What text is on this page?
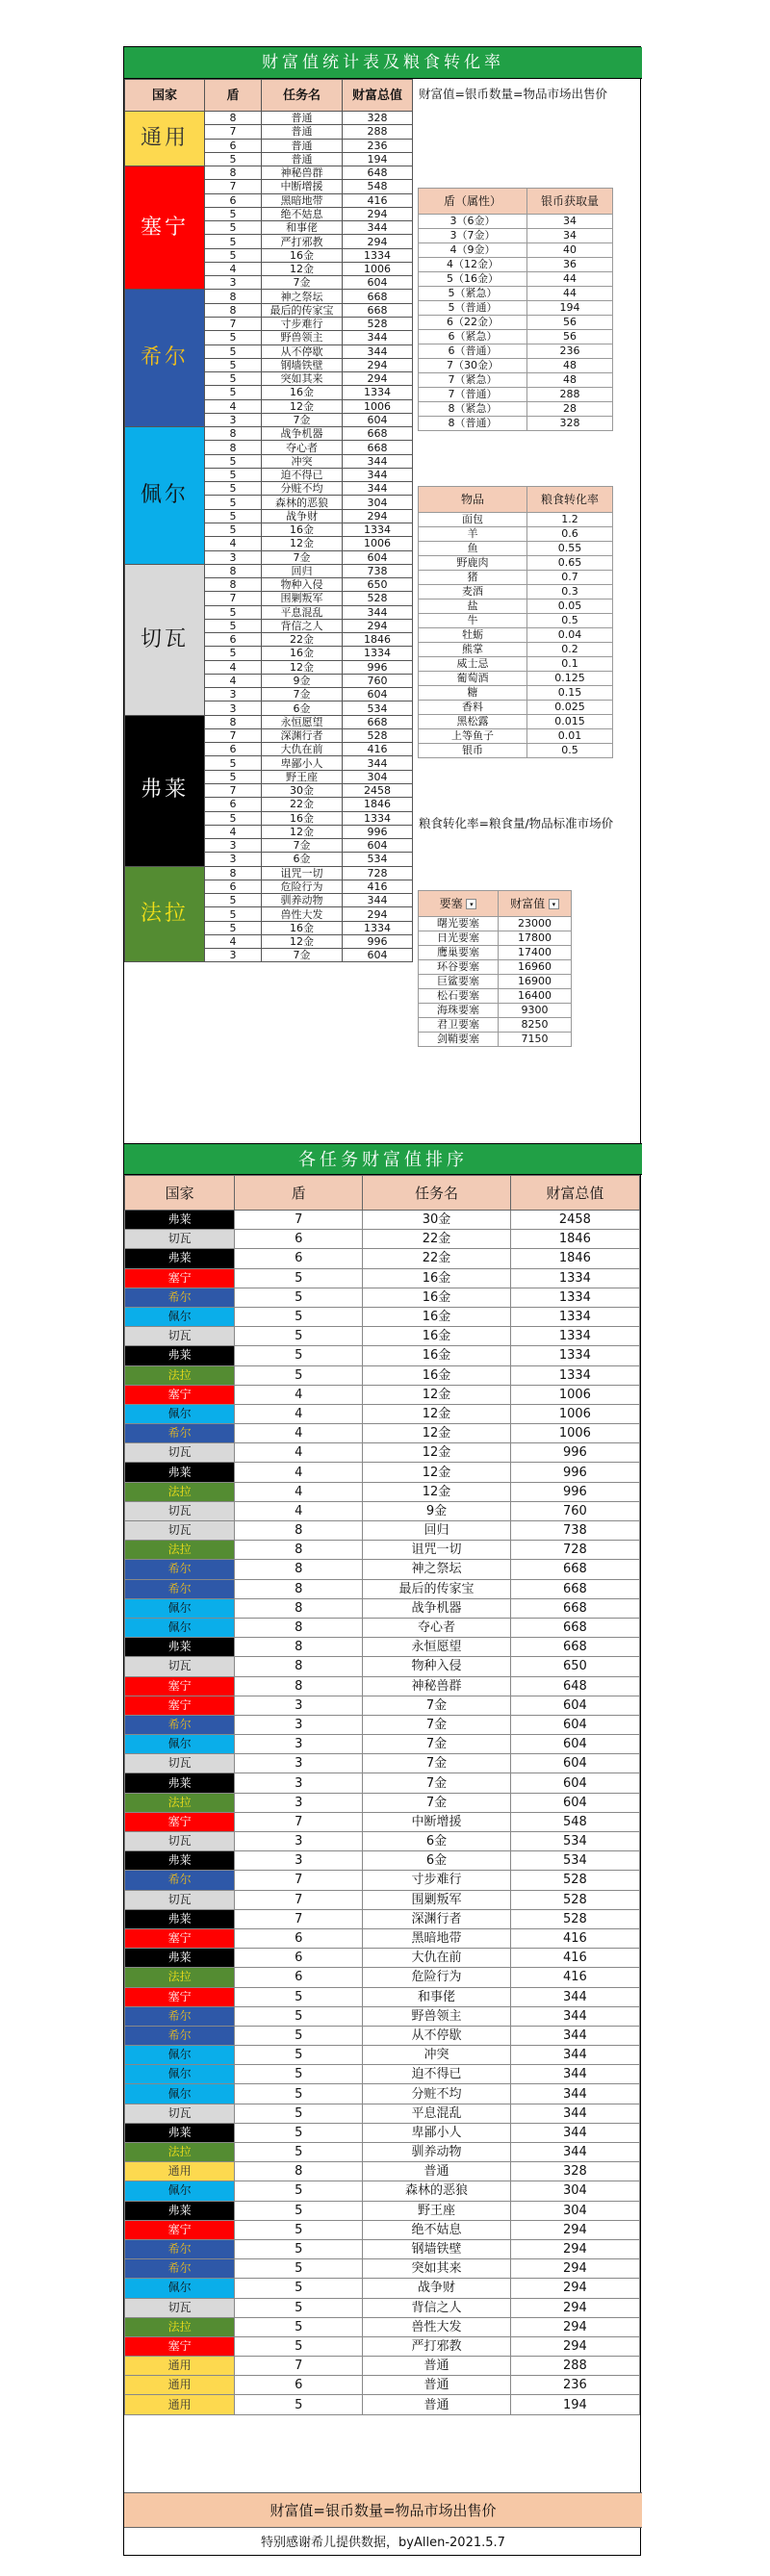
财富值统计表及粮食转化率
国家	盾	任务名	财富总值
通用	8	普通	328
	7	普通	288
	6	普通	236
	5	普通	194
塞宁	8	神秘兽群	648
	7	中断增援	548
	6	黑暗地带	416
	5	绝不姑息	294
	5	和事佬	344
	5	严打邪教	294
	5	16金	1334
	4	12金	1006
	3	7金	604
希尔	8	神之祭坛	668
	8	最后的传家宝	668
	7	寸步难行	528
	5	野兽领主	344
	5	从不停歇	344
	5	钢墙铁壁	294
	5	突如其来	294
	5	16金	1334
	4	12金	1006
	3	7金	604
佩尔	8	战争机器	668
	8	夺心者	668
	5	冲突	344
	5	迫不得已	344
	5	分赃不均	344
	5	森林的恶狼	304
	5	战争财	294
	5	16金	1334
	4	12金	1006
	3	7金	604
切瓦	8	回归	738
	8	物种入侵	650
	7	围剿叛军	528
	5	平息混乱	344
	5	背信之人	294
	6	22金	1846
	5	16金	1334
	4	12金	996
	4	9金	760
	3	7金	604
	3	6金	534
弗莱	8	永恒愿望	668
	7	深渊行者	528
	6	大仇在前	416
	5	卑鄙小人	344
	5	野王座	304
	7	30金	2458
	6	22金	1846
	5	16金	1334
	4	12金	996
	3	7金	604
	3	6金	534
法拉	8	诅咒一切	728
	6	危险行为	416
	5	驯养动物	344
	5	兽性大发	294
	5	16金	1334
	4	12金	996
	3	7金	604
财富值=银币数量=物品市场出售价
盾（属性）	银币获取量
3（6金）	34
3（7金）	34
4（9金）	40
4（12金）	36
5（16金）	44
5（紧急）	44
5（普通）	194
6（22金）	56
6（紧急）	56
6（普通）	236
7（30金）	48
7（紧急）	48
7（普通）	288
8（紧急）	28
8（普通）	328
物品	粮食转化率
面包	1.2
羊	0.6
鱼	0.55
野鹿肉	0.65
猪	0.7
麦酒	0.3
盐	0.05
牛	0.5
牡蛎	0.04
熊掌	0.2
威士忌	0.1
葡萄酒	0.125
糖	0.15
香料	0.025
黑松露	0.015
上等鱼子	0.01
银币	0.5
粮食转化率=粮食量/物品标准市场价
要塞 ▾	财富值 ▾
曙光要塞	23000
日光要塞	17800
鹰巢要塞	17400
环谷要塞	16960
巨鲨要塞	16900
松石要塞	16400
海珠要塞	9300
君卫要塞	8250
剑鞘要塞	7150
各任务财富值排序
国家	盾	任务名	财富总值
弗莱	7	30金	2458
切瓦	6	22金	1846
弗莱	6	22金	1846
塞宁	5	16金	1334
希尔	5	16金	1334
佩尔	5	16金	1334
切瓦	5	16金	1334
弗莱	5	16金	1334
法拉	5	16金	1334
塞宁	4	12金	1006
佩尔	4	12金	1006
希尔	4	12金	1006
切瓦	4	12金	996
弗莱	4	12金	996
法拉	4	12金	996
切瓦	4	9金	760
切瓦	8	回归	738
法拉	8	诅咒一切	728
希尔	8	神之祭坛	668
希尔	8	最后的传家宝	668
佩尔	8	战争机器	668
佩尔	8	夺心者	668
弗莱	8	永恒愿望	668
切瓦	8	物种入侵	650
塞宁	8	神秘兽群	648
塞宁	3	7金	604
希尔	3	7金	604
佩尔	3	7金	604
切瓦	3	7金	604
弗莱	3	7金	604
法拉	3	7金	604
塞宁	7	中断增援	548
切瓦	3	6金	534
弗莱	3	6金	534
希尔	7	寸步难行	528
切瓦	7	围剿叛军	528
弗莱	7	深渊行者	528
塞宁	6	黑暗地带	416
弗莱	6	大仇在前	416
法拉	6	危险行为	416
塞宁	5	和事佬	344
希尔	5	野兽领主	344
希尔	5	从不停歇	344
佩尔	5	冲突	344
佩尔	5	迫不得已	344
佩尔	5	分赃不均	344
切瓦	5	平息混乱	344
弗莱	5	卑鄙小人	344
法拉	5	驯养动物	344
通用	8	普通	328
佩尔	5	森林的恶狼	304
弗莱	5	野王座	304
塞宁	5	绝不姑息	294
希尔	5	钢墙铁壁	294
希尔	5	突如其来	294
佩尔	5	战争财	294
切瓦	5	背信之人	294
法拉	5	兽性大发	294
塞宁	5	严打邪教	294
通用	7	普通	288
通用	6	普通	236
通用	5	普通	194
财富值=银币数量=物品市场出售价
特别感谢希儿提供数据，byAllen-2021.5.7
